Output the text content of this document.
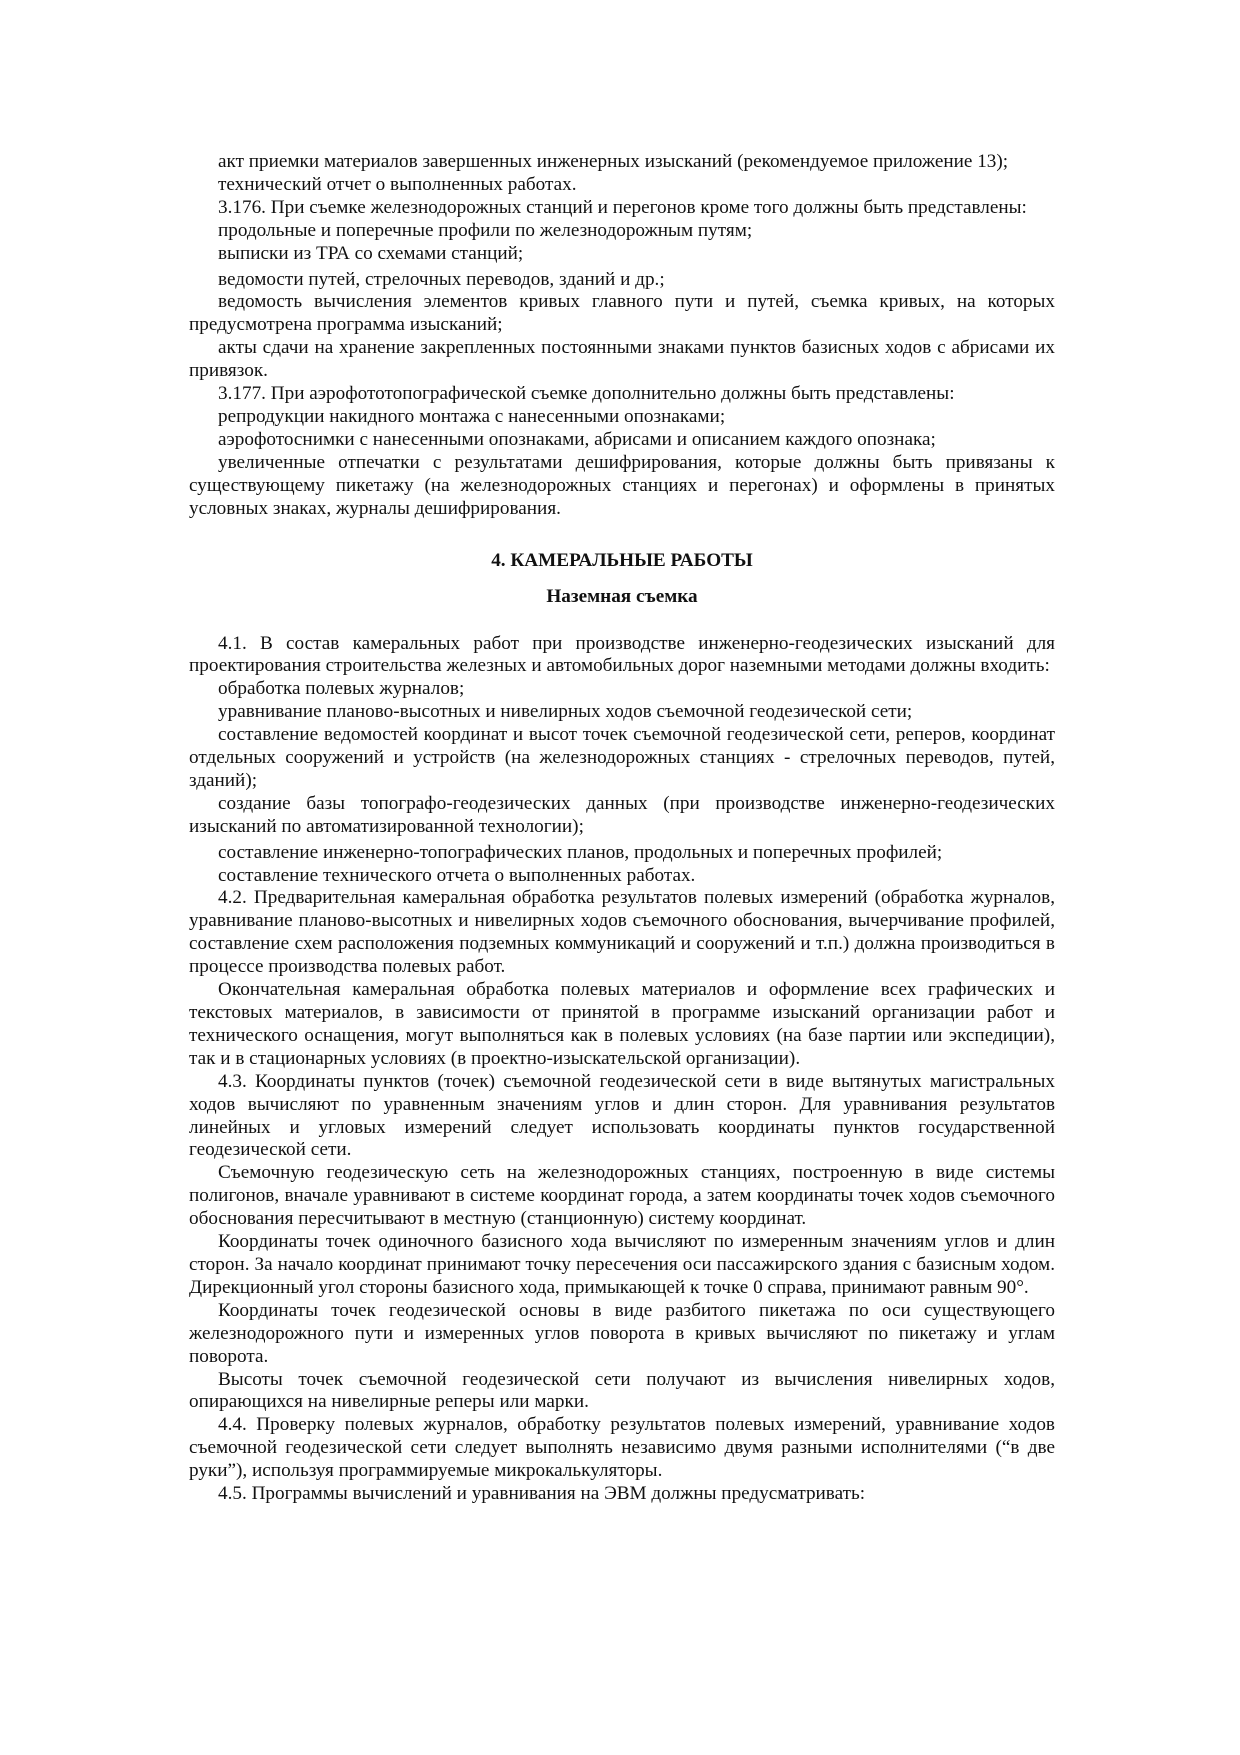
акт приемки материалов завершенных инженерных изысканий (рекомендуемое приложение 13);

технический отчет о выполненных работах.

3.176. При съемке железнодорожных станций и перегонов кроме того должны быть представлены:

продольные и поперечные профили по железнодорожным путям;

выписки из ТРА со схемами станций;

ведомости путей, стрелочных переводов, зданий и др.;

ведомость вычисления элементов кривых главного пути и путей, съемка кривых, на которых предусмотрена программа изысканий;

акты сдачи на хранение закрепленных постоянными знаками пунктов базисных ходов с абрисами их привязок.

3.177. При аэрофототопографической съемке дополнительно должны быть представлены:

репродукции накидного монтажа с нанесенными опознаками;

аэрофотоснимки с нанесенными опознаками, абрисами и описанием каждого опознака;

увеличенные отпечатки с результатами дешифрирования, которые должны быть привязаны к существующему пикетажу (на железнодорожных станциях и перегонах) и оформлены в принятых условных знаках, журналы дешифрирования.

4. КАМЕРАЛЬНЫЕ РАБОТЫ
Наземная съемка

4.1. В состав камеральных работ при производстве инженерно-геодезических изысканий для проектирования строительства железных и автомобильных дорог наземными методами должны входить:

обработка полевых журналов;

уравнивание планово-высотных и нивелирных ходов съемочной геодезической сети;

составление ведомостей координат и высот точек съемочной геодезической сети, реперов, координат отдельных сооружений и устройств (на железнодорожных станциях - стрелочных переводов, путей, зданий);

создание базы топографо-геодезических данных (при производстве инженерно-геодезических изысканий по автоматизированной технологии);

составление инженерно-топографических планов, продольных и поперечных профилей;

составление технического отчета о выполненных работах.

4.2. Предварительная камеральная обработка результатов полевых измерений (обработка журналов, уравнивание планово-высотных и нивелирных ходов съемочного обоснования, вычерчивание профилей, составление схем расположения подземных коммуникаций и сооружений и т.п.) должна производиться в процессе производства полевых работ.

Окончательная камеральная обработка полевых материалов и оформление всех графических и текстовых материалов, в зависимости от принятой в программе изысканий организации работ и технического оснащения, могут выполняться как в полевых условиях (на базе партии или экспедиции), так и в стационарных условиях (в проектно-изыскательской организации).

4.3. Координаты пунктов (точек) съемочной геодезической сети в виде вытянутых магистральных ходов вычисляют по уравненным значениям углов и длин сторон. Для уравнивания результатов линейных и угловых измерений следует использовать координаты пунктов государственной геодезической сети.

Съемочную геодезическую сеть на железнодорожных станциях, построенную в виде системы полигонов, вначале уравнивают в системе координат города, а затем координаты точек ходов съемочного обоснования пересчитывают в местную (станционную) систему координат.

Координаты точек одиночного базисного хода вычисляют по измеренным значениям углов и длин сторон. За начало координат принимают точку пересечения оси пассажирского здания с базисным ходом. Дирекционный угол стороны базисного хода, примыкающей к точке 0 справа, принимают равным 90°.

Координаты точек геодезической основы в виде разбитого пикетажа по оси существующего железнодорожного пути и измеренных углов поворота в кривых вычисляют по пикетажу и углам поворота.

Высоты точек съемочной геодезической сети получают из вычисления нивелирных ходов, опирающихся на нивелирные реперы или марки.

4.4. Проверку полевых журналов, обработку результатов полевых измерений, уравнивание ходов съемочной геодезической сети следует выполнять независимо двумя разными исполнителями (“в две руки”), используя программируемые микрокалькуляторы.

4.5. Программы вычислений и уравнивания на ЭВМ должны предусматривать:
